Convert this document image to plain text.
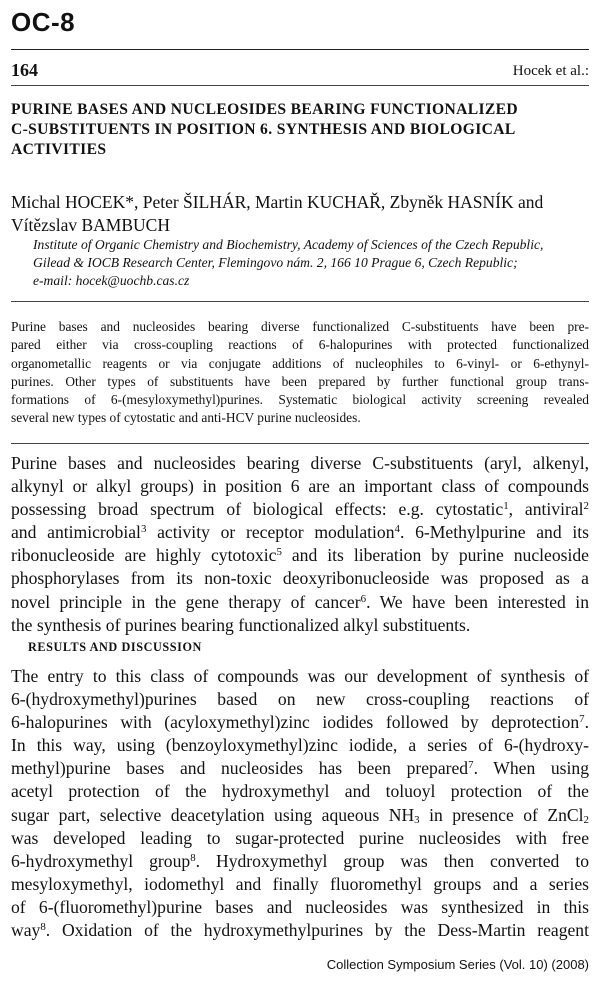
OC-8
164	Hocek et al.:
PURINE BASES AND NUCLEOSIDES BEARING FUNCTIONALIZED
C-SUBSTITUENTS IN POSITION 6. SYNTHESIS AND BIOLOGICAL
ACTIVITIES
Michal HOCEK*, Peter ŠILHÁR, Martin KUCHAŘ, Zbyněk HASNÍK and
Vítězslav BAMBUCH
Institute of Organic Chemistry and Biochemistry, Academy of Sciences of the Czech Republic,
Gilead & IOCB Research Center, Flemingovo nám. 2, 166 10 Prague 6, Czech Republic;
e-mail: hocek@uochb.cas.cz
Purine bases and nucleosides bearing diverse functionalized C-substituents have been pre-
pared either via cross-coupling reactions of 6-halopurines with protected functionalized
organometallic reagents or via conjugate additions of nucleophiles to 6-vinyl- or 6-ethynyl-
purines. Other types of substituents have been prepared by further functional group trans-
formations of 6-(mesyloxymethyl)purines. Systematic biological activity screening revealed
several new types of cytostatic and anti-HCV purine nucleosides.
Purine bases and nucleosides bearing diverse C-substituents (aryl, alkenyl,
alkynyl or alkyl groups) in position 6 are an important class of compounds
possessing broad spectrum of biological effects: e.g. cytostatic$^1$, antiviral$^2$
and antimicrobial$^3$ activity or receptor modulation$^4$. 6-Methylpurine and its
ribonucleoside are highly cytotoxic$^5$ and its liberation by purine nucleoside
phosphorylases from its non-toxic deoxyribonucleoside was proposed as a
novel principle in the gene therapy of cancer$^6$. We have been interested in
the synthesis of purines bearing functionalized alkyl substituents.
RESULTS AND DISCUSSION
The entry to this class of compounds was our development of synthesis of
6-(hydroxymethyl)purines based on new cross-coupling reactions of
6-halopurines with (acyloxymethyl)zinc iodides followed by deprotection$^7$.
In this way, using (benzoyloxymethyl)zinc iodide, a series of 6-(hydroxy-
methyl)purine bases and nucleosides has been prepared$^7$. When using
acetyl protection of the hydroxymethyl and toluoyl protection of the
sugar part, selective deacetylation using aqueous $NH_3$ in presence of ZnCl$_2$
was developed leading to sugar-protected purine nucleosides with free
6-hydroxymethyl group$^8$. Hydroxymethyl group was then converted to
mesyloxymethyl, iodomethyl and finally fluoromethyl groups and a series
of 6-(fluoromethyl)purine bases and nucleosides was synthesized in this
way$^8$. Oxidation of the hydroxymethylpurines by the Dess-Martin reagent
Collection Symposium Series (Vol. 10) (2008)
